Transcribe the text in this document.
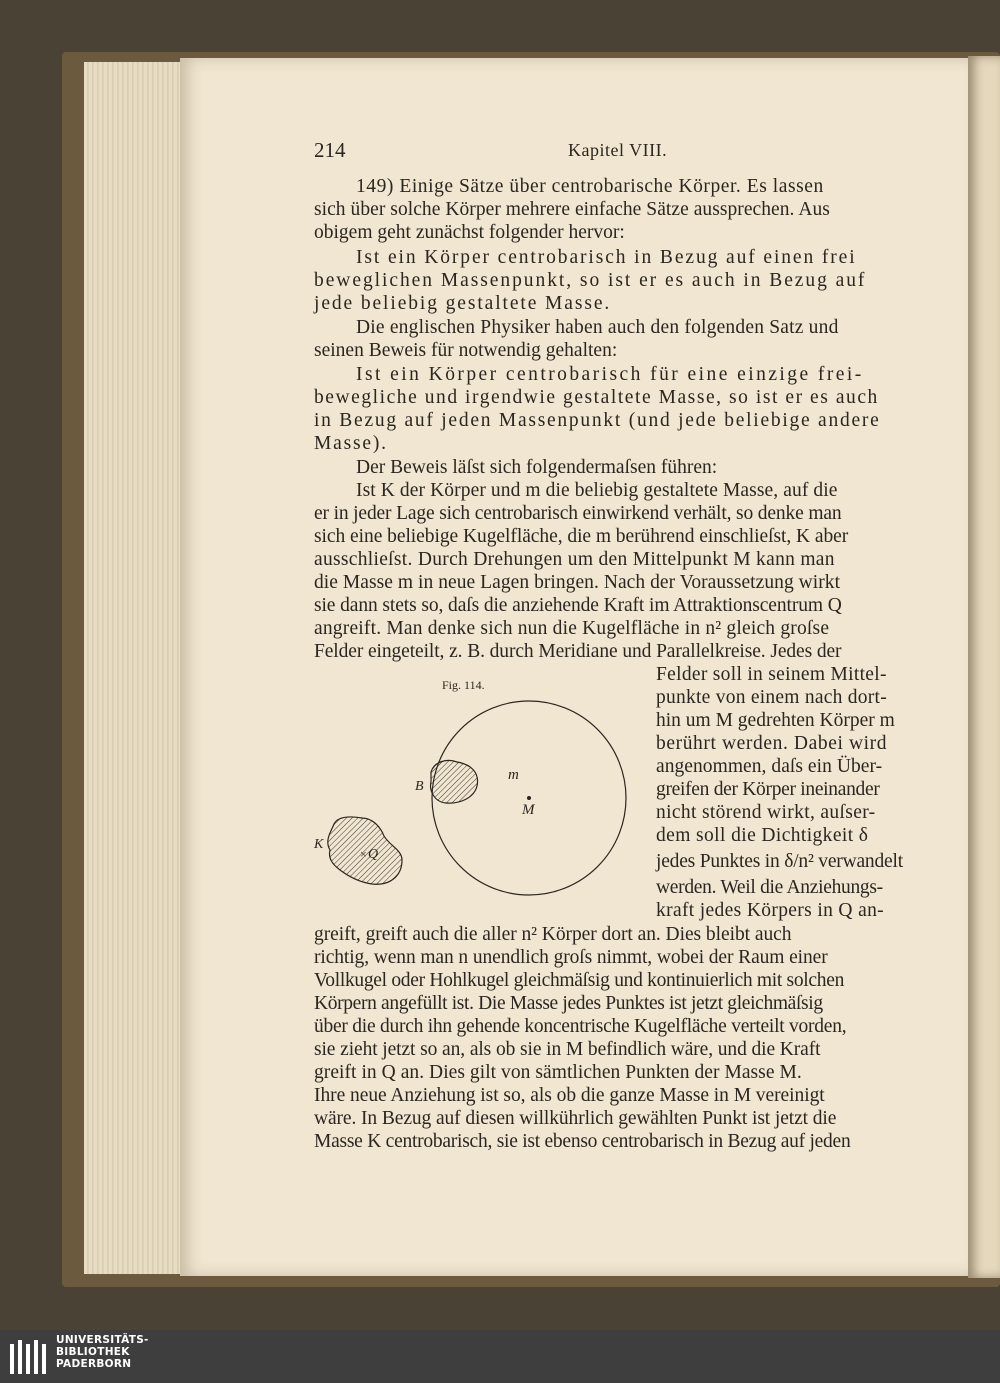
214	Kapitel VIII.
149) Einige Sätze über centrobarische Körper. Es lassen
sich über solche Körper mehrere einfache Sätze aussprechen. Aus
obigem geht zunächst folgender hervor:
Ist ein Körper centrobarisch in Bezug auf einen frei
beweglichen Massenpunkt, so ist er es auch in Bezug auf
jede beliebig gestaltete Masse.
Die englischen Physiker haben auch den folgenden Satz und
seinen Beweis für notwendig gehalten:
Ist ein Körper centrobarisch für eine einzige frei-
bewegliche und irgendwie gestaltete Masse, so ist er es auch
in Bezug auf jeden Massenpunkt (und jede beliebige andere
Masse).
Der Beweis läſst sich folgendermaſsen führen:
Ist K der Körper und m die beliebig gestaltete Masse, auf die
er in jeder Lage sich centrobarisch einwirkend verhält, so denke man
sich eine beliebige Kugelfläche, die m berührend einschlieſst, K aber
ausschlieſst. Durch Drehungen um den Mittelpunkt M kann man
die Masse m in neue Lagen bringen. Nach der Voraussetzung wirkt
sie dann stets so, daſs die anziehende Kraft im Attraktionscentrum Q
angreift. Man denke sich nun die Kugelfläche in n² gleich groſse
Felder eingeteilt, z. B. durch Meridiane und Parallelkreise. Jedes der
Felder soll in seinem Mittel-
punkte von einem nach dort-
hin um M gedrehten Körper m
berührt werden. Dabei wird
angenommen, daſs ein Über-
greifen der Körper ineinander
nicht störend wirkt, auſser-
dem soll die Dichtigkeit δ
jedes Punktes in δ/n² verwandelt
werden. Weil die Anziehungs-
kraft jedes Körpers in Q an-
Fig. 114.
B
m
M
K
× Q
greift, greift auch die aller n² Körper dort an. Dies bleibt auch
richtig, wenn man n unendlich groſs nimmt, wobei der Raum einer
Vollkugel oder Hohlkugel gleichmäſsig und kontinuierlich mit solchen
Körpern angefüllt ist. Die Masse jedes Punktes ist jetzt gleichmäſsig
über die durch ihn gehende koncentrische Kugelfläche verteilt vorden,
sie zieht jetzt so an, als ob sie in M befindlich wäre, und die Kraft
greift in Q an. Dies gilt von sämtlichen Punkten der Masse M.
Ihre neue Anziehung ist so, als ob die ganze Masse in M vereinigt
wäre. In Bezug auf diesen willkührlich gewählten Punkt ist jetzt die
Masse K centrobarisch, sie ist ebenso centrobarisch in Bezug auf jeden
UNIVERSITÄTS-
BIBLIOTHEK
PADERBORN
